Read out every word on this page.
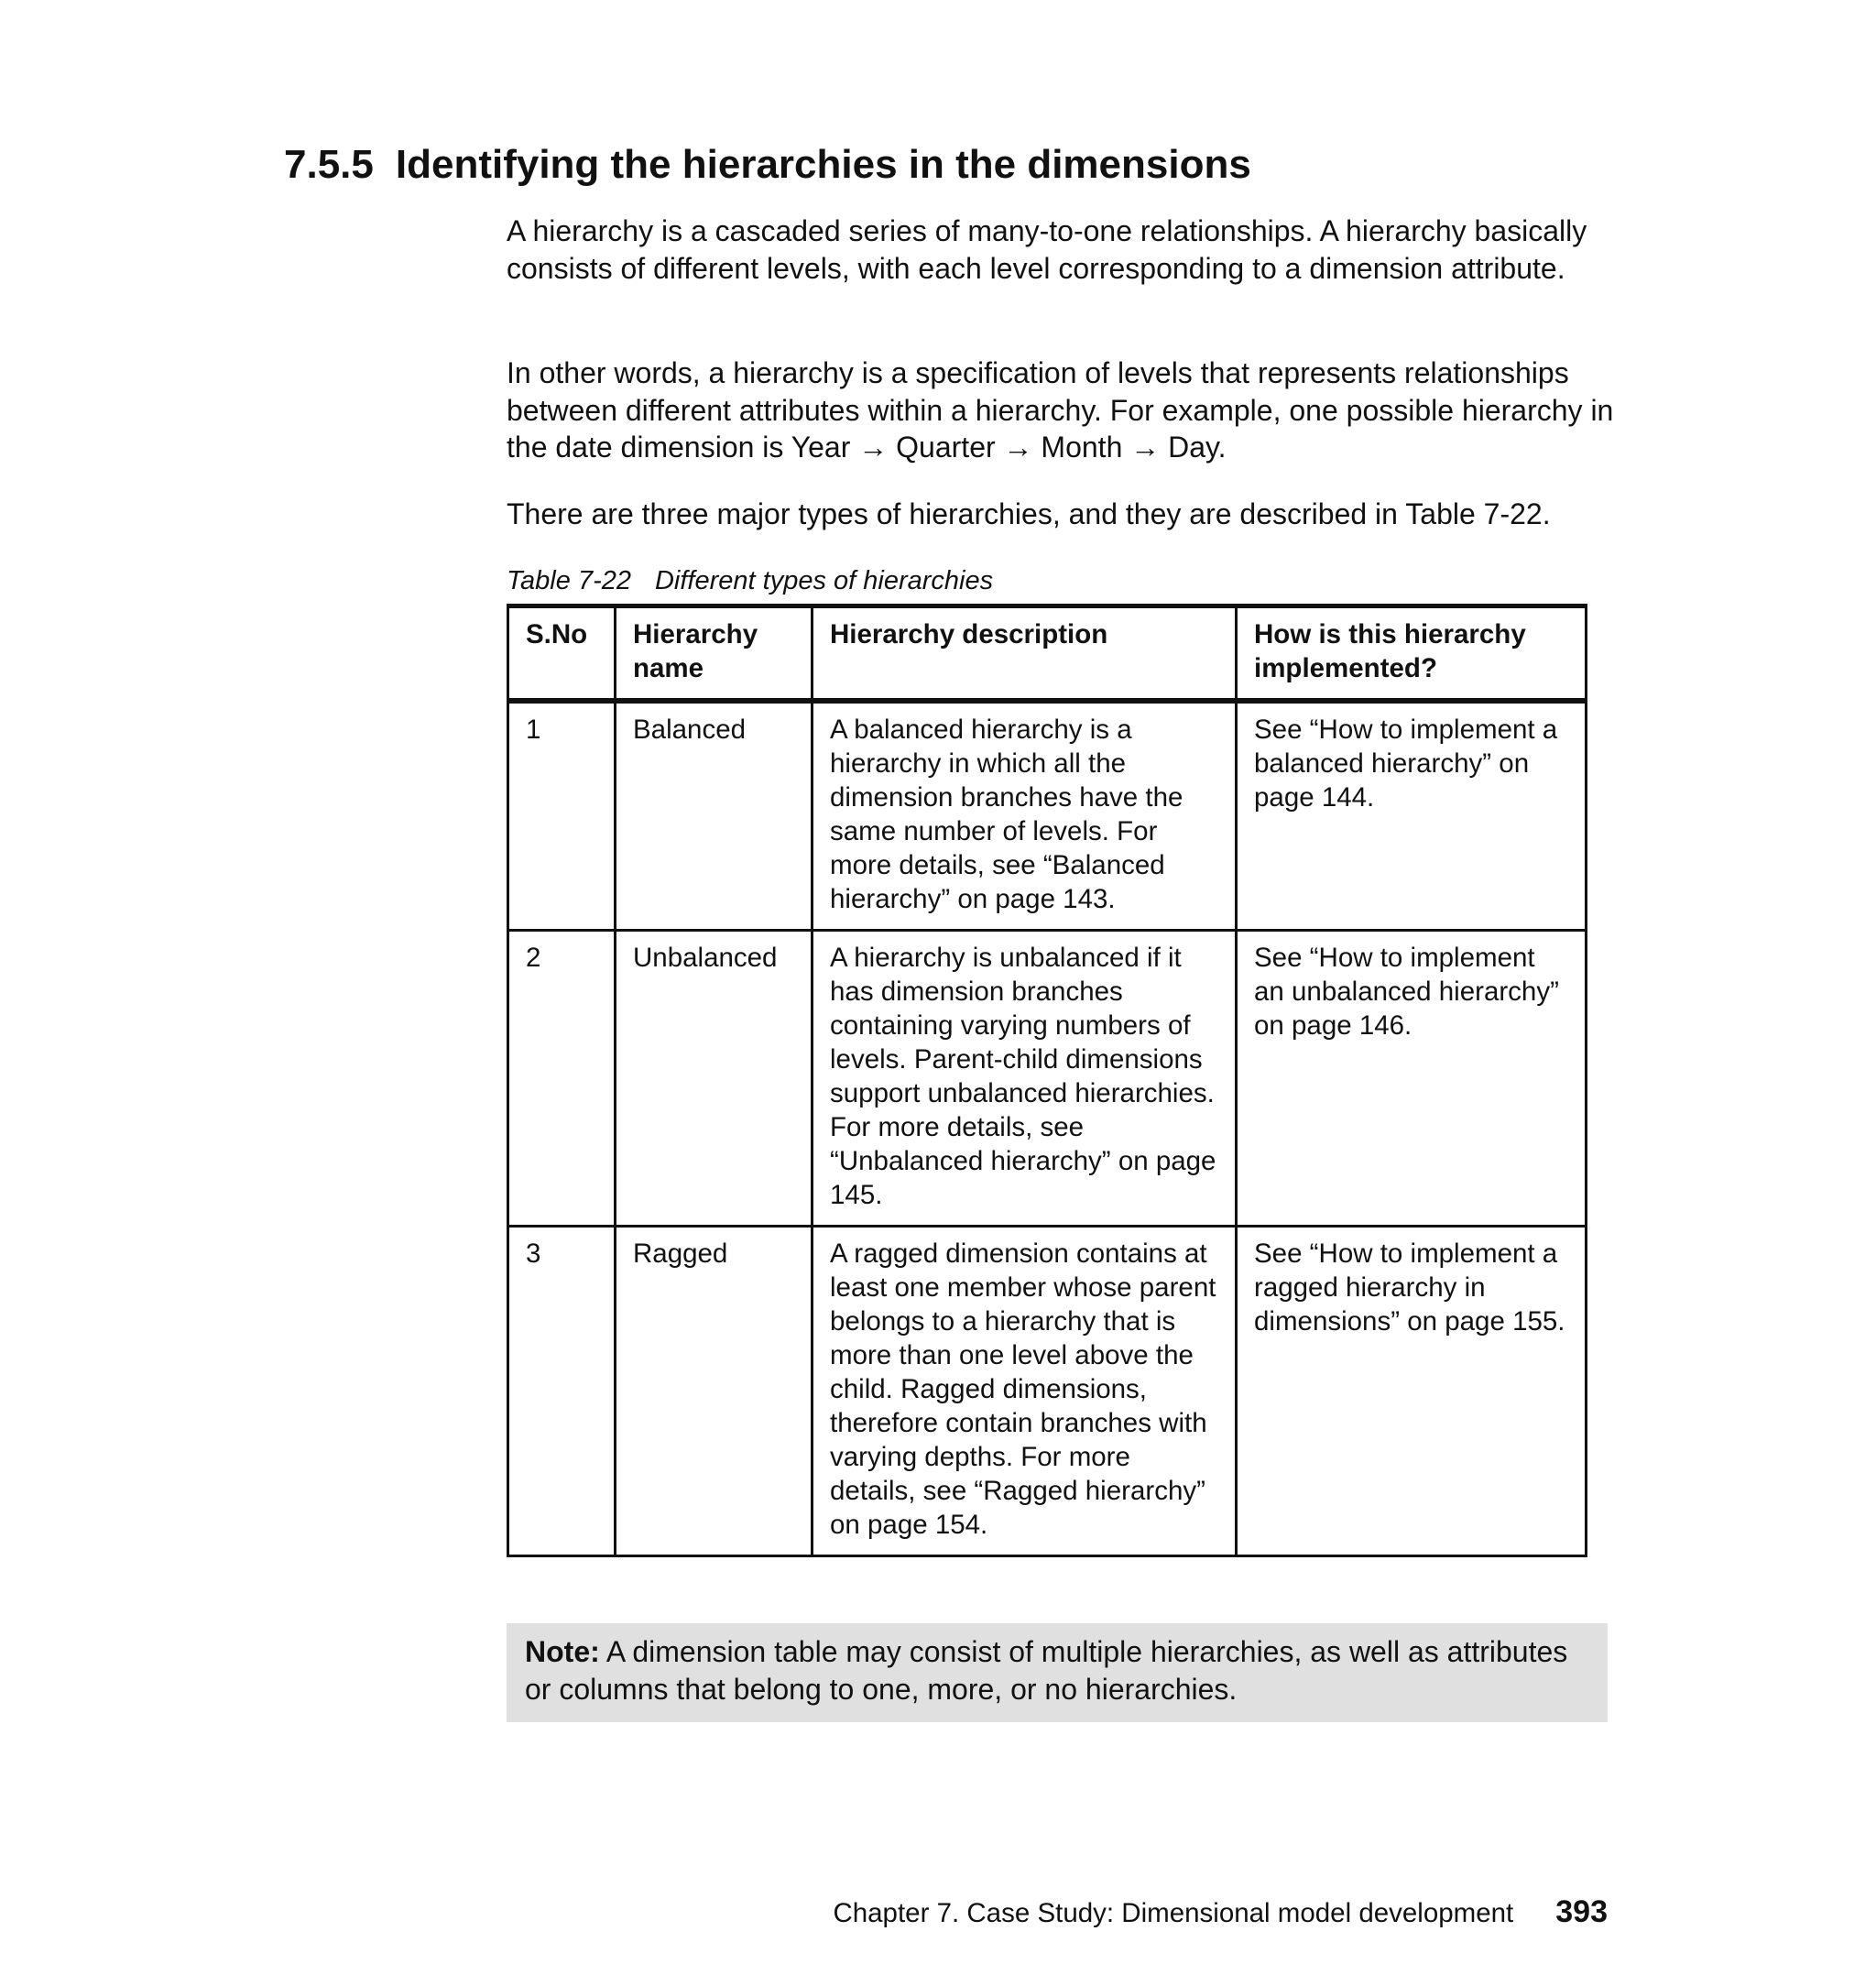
7.5.5 Identifying the hierarchies in the dimensions

A hierarchy is a cascaded series of many-to-one relationships. A hierarchy basically consists of different levels, with each level corresponding to a dimension attribute.

In other words, a hierarchy is a specification of levels that represents relationships between different attributes within a hierarchy. For example, one possible hierarchy in the date dimension is Year → Quarter → Month → Day.

There are three major types of hierarchies, and they are described in Table 7-22.

Table 7-22 Different types of hierarchies
S.No	Hierarchy name	Hierarchy description	How is this hierarchy implemented?
1	Balanced	A balanced hierarchy is a hierarchy in which all the dimension branches have the same number of levels. For more details, see “Balanced hierarchy” on page 143.	See “How to implement a balanced hierarchy” on page 144.
2	Unbalanced	A hierarchy is unbalanced if it has dimension branches containing varying numbers of levels. Parent-child dimensions support unbalanced hierarchies. For more details, see “Unbalanced hierarchy” on page 145.	See “How to implement an unbalanced hierarchy” on page 146.
3	Ragged	A ragged dimension contains at least one member whose parent belongs to a hierarchy that is more than one level above the child. Ragged dimensions, therefore contain branches with varying depths. For more details, see “Ragged hierarchy” on page 154.	See “How to implement a ragged hierarchy in dimensions” on page 155.
Note: A dimension table may consist of multiple hierarchies, as well as attributes or columns that belong to one, more, or no hierarchies.
Chapter 7. Case Study: Dimensional model development 393
